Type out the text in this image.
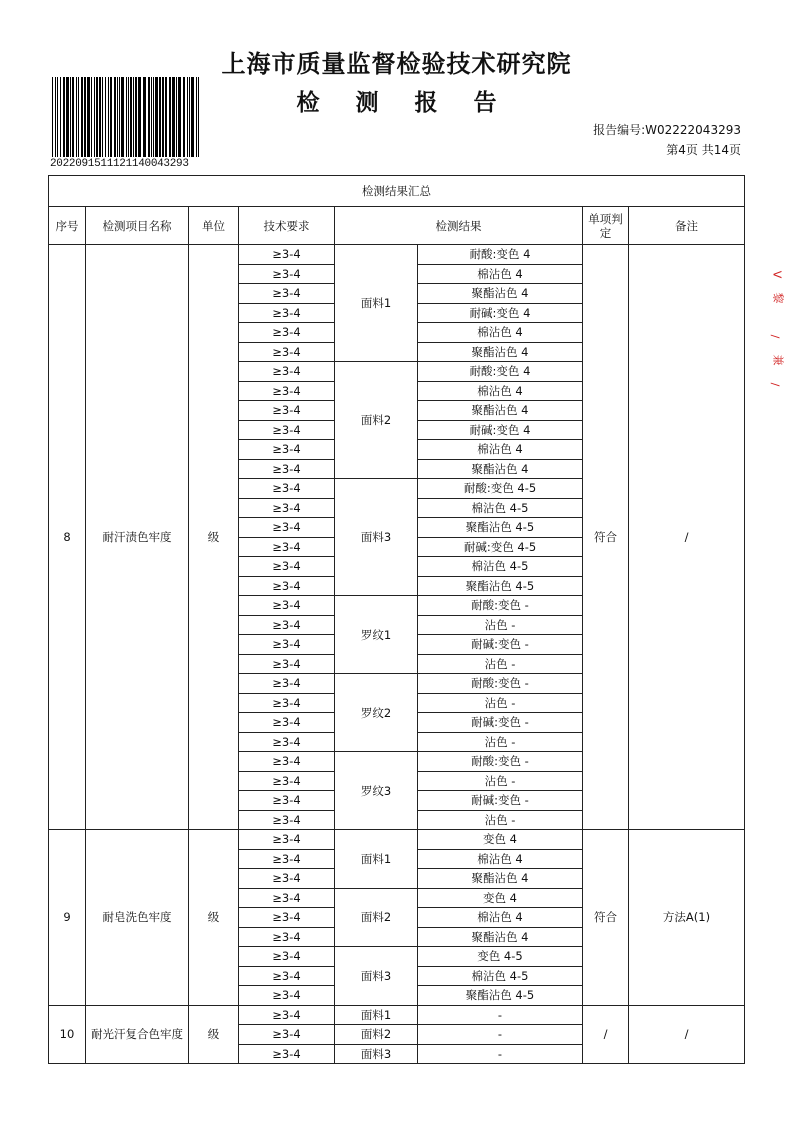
上海市质量监督检验技术研究院
检 测 报 告
2022091511121140043293
报告编号:W02222043293
第4页 共14页
V
黎
/
兼
/
检测结果汇总							
序号	检测项目名称	单位	技术要求	检测结果		单项判定	备注
8	耐汗渍色牢度	级	≥3-4	面料1	耐酸:变色 4	符合	/
			≥3-4		棉沾色 4		
			≥3-4		聚酯沾色 4		
			≥3-4		耐碱:变色 4		
			≥3-4		棉沾色 4		
			≥3-4		聚酯沾色 4		
			≥3-4	面料2	耐酸:变色 4		
			≥3-4		棉沾色 4		
			≥3-4		聚酯沾色 4		
			≥3-4		耐碱:变色 4		
			≥3-4		棉沾色 4		
			≥3-4		聚酯沾色 4		
			≥3-4	面料3	耐酸:变色 4-5		
			≥3-4		棉沾色 4-5		
			≥3-4		聚酯沾色 4-5		
			≥3-4		耐碱:变色 4-5		
			≥3-4		棉沾色 4-5		
			≥3-4		聚酯沾色 4-5		
			≥3-4	罗纹1	耐酸:变色 -		
			≥3-4		沾色 -		
			≥3-4		耐碱:变色 -		
			≥3-4		沾色 -		
			≥3-4	罗纹2	耐酸:变色 -		
			≥3-4		沾色 -		
			≥3-4		耐碱:变色 -		
			≥3-4		沾色 -		
			≥3-4	罗纹3	耐酸:变色 -		
			≥3-4		沾色 -		
			≥3-4		耐碱:变色 -		
			≥3-4		沾色 -		
9	耐皂洗色牢度	级	≥3-4	面料1	变色 4	符合	方法A(1)
			≥3-4		棉沾色 4		
			≥3-4		聚酯沾色 4		
			≥3-4	面料2	变色 4		
			≥3-4		棉沾色 4		
			≥3-4		聚酯沾色 4		
			≥3-4	面料3	变色 4-5		
			≥3-4		棉沾色 4-5		
			≥3-4		聚酯沾色 4-5		
10	耐光汗复合色牢度	级	≥3-4	面料1	-	/	/
			≥3-4	面料2	-		
			≥3-4	面料3	-		
